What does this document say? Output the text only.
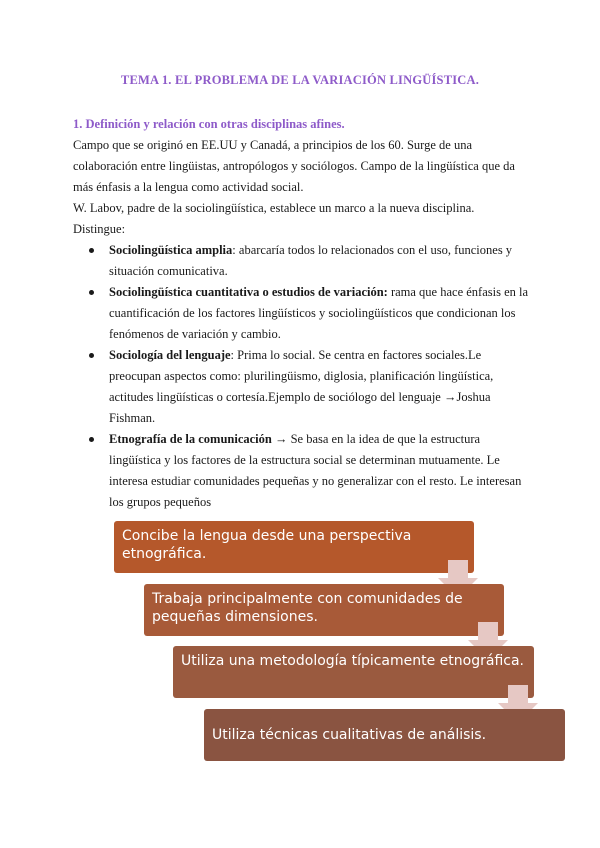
TEMA 1. EL PROBLEMA DE LA VARIACIÓN LINGÜÍSTICA.
1. Definición y relación con otras disciplinas afines.

Campo que se originó en EE.UU y Canadá, a principios de los 60. Surge de una colaboración entre lingüistas, antropólogos y sociólogos. Campo de la lingüística que da más énfasis a la lengua como actividad social.

W. Labov, padre de la sociolingüística, establece un marco a la nueva disciplina.

Distingue:

Sociolingüística amplia: abarcaría todos lo relacionados con el uso, funciones y situación comunicativa.
Sociolingüística cuantitativa o estudios de variación: rama que hace énfasis en la cuantificación de los factores lingüísticos y sociolingüísticos que condicionan los fenómenos de variación y cambio.
Sociología del lenguaje: Prima lo social. Se centra en factores sociales.Le preocupan aspectos como: plurilingüismo, diglosia, planificación lingüística, actitudes lingüísticas o cortesía.Ejemplo de sociólogo del lenguaje →Joshua Fishman.
Etnografía de la comunicación → Se basa en la idea de que la estructura lingüística y los factores de la estructura social se determinan mutuamente. Le interesa estudiar comunidades pequeñas y no generalizar con el resto. Le interesan los grupos pequeños
Concibe la lengua desde una perspectiva etnográfica.
Trabaja principalmente con comunidades de pequeñas dimensiones.
Utiliza una metodología típicamente etnográfica.
Utiliza técnicas cualitativas de análisis.
